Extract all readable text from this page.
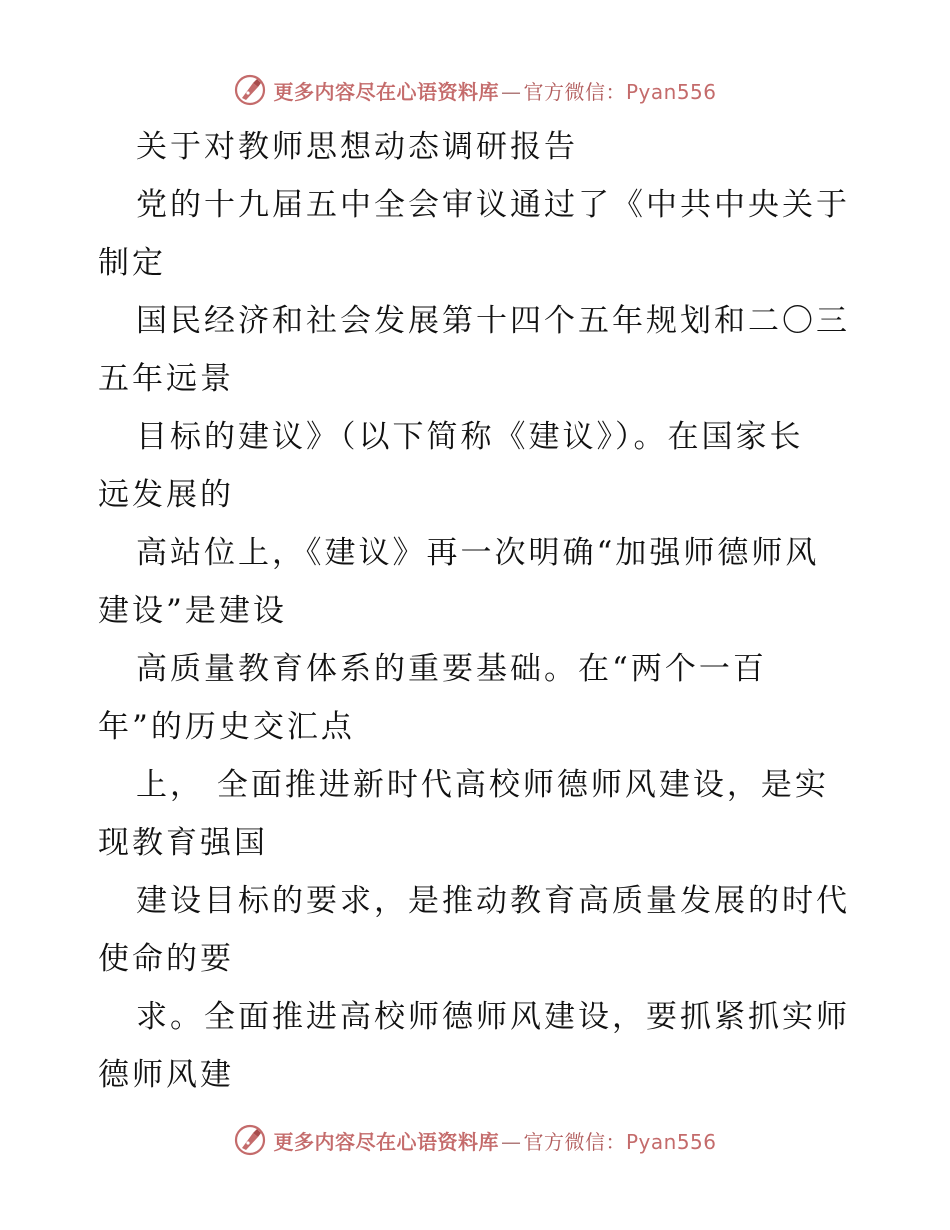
更多内容尽在心语资料库 — 官方微信：Pyan556
关于对教师思想动态调研报告
党的十九届五中全会审议通过了《中共中央关于
制定
国民经济和社会发展第十四个五年规划和二〇三
五年远景
目标的建议》（以下简称《建议》）。在国家长
远发展的
高站位上，《建议》再一次明确“加强师德师风
建设”是建设
高质量教育体系的重要基础。在“两个一百
年”的历史交汇点
上， 全面推进新时代高校师德师风建设，是实
现教育强国
建设目标的要求，是推动教育高质量发展的时代
使命的要
求。全面推进高校师德师风建设，要抓紧抓实师
德师风建
更多内容尽在心语资料库 — 官方微信：Pyan556
